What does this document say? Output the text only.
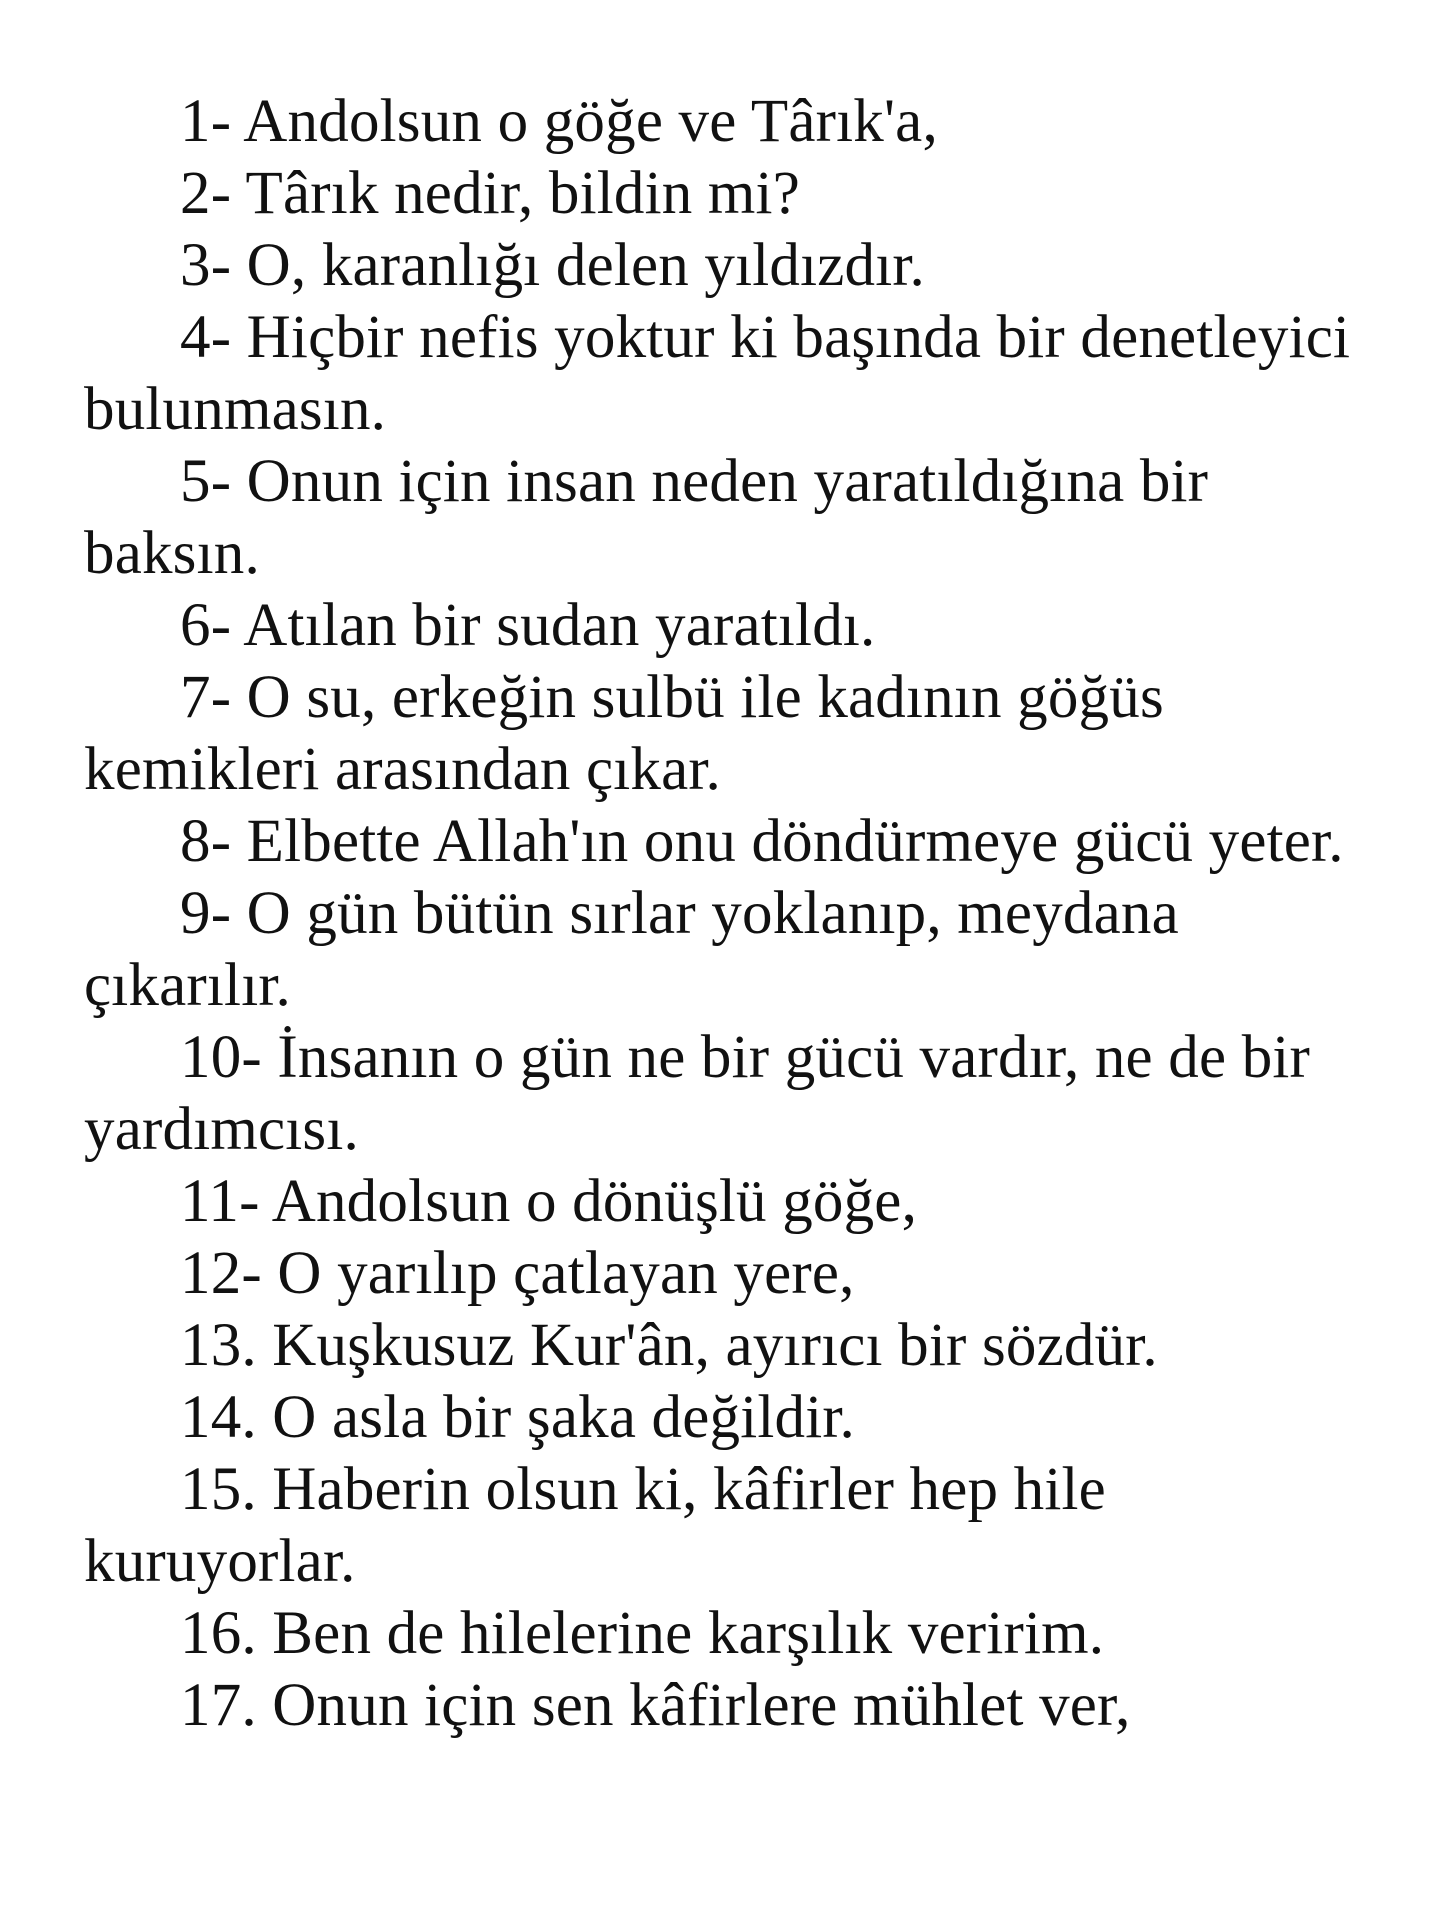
1- Andolsun o göğe ve Târık'a,

2- Târık nedir, bildin mi?

3- O, karanlığı delen yıldızdır.

4- Hiçbir nefis yoktur ki başında bir denetleyici bulunmasın.

5- Onun için insan neden yaratıldığına bir baksın.

6- Atılan bir sudan yaratıldı.

7- O su, erkeğin sulbü ile kadının göğüs kemikleri arasından çıkar.

8- Elbette Allah'ın onu döndürmeye gücü yeter.

9- O gün bütün sırlar yoklanıp, meydana çıkarılır.

10- İnsanın o gün ne bir gücü vardır, ne de bir yardımcısı.

11- Andolsun o dönüşlü göğe,

12- O yarılıp çatlayan yere,

13. Kuşkusuz Kur'ân, ayırıcı bir sözdür.

14. O asla bir şaka değildir.

15. Haberin olsun ki, kâfirler hep hile kuruyorlar.

16. Ben de hilelerine karşılık veririm.

17. Onun için sen kâfirlere mühlet ver,
